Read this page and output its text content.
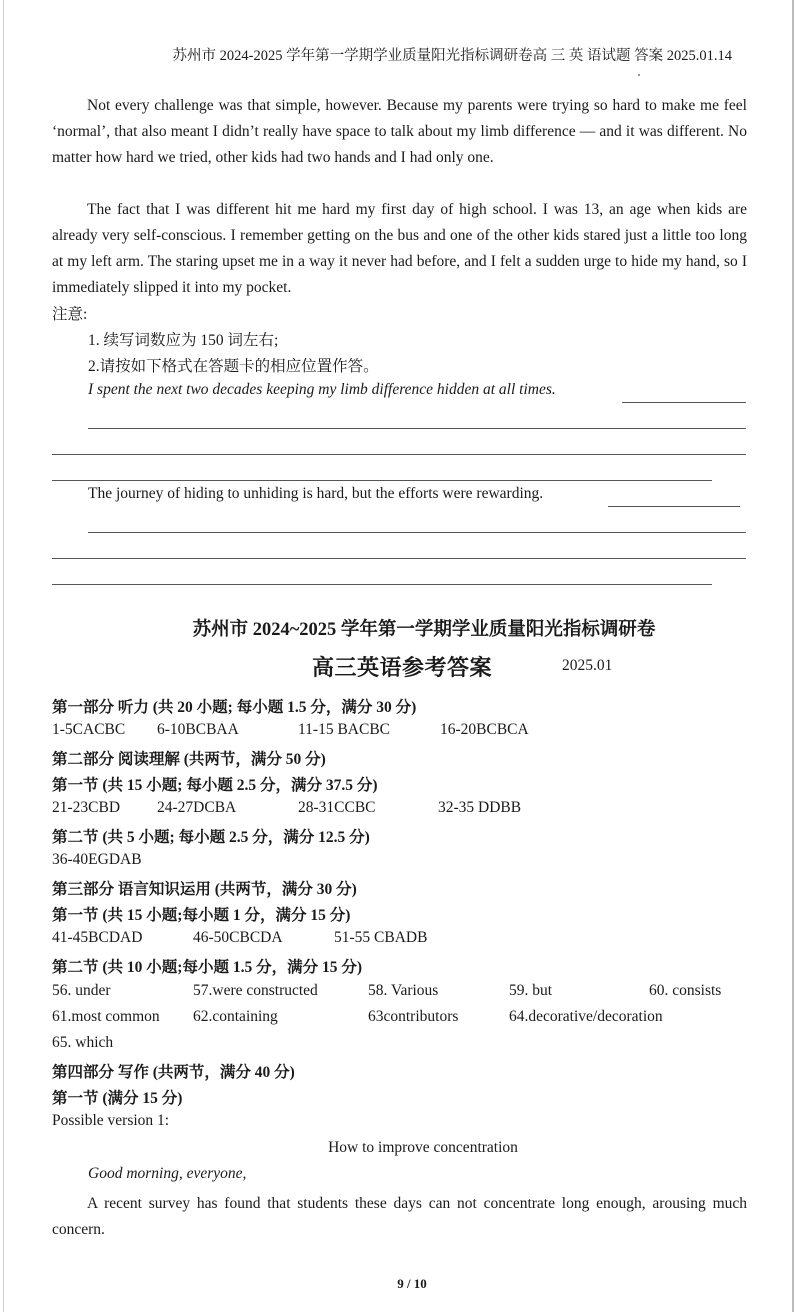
苏州市 2024-2025 学年第一学期学业质量阳光指标调研卷高 三 英 语试题 答案 2025.01.14

Not every challenge was that simple, however. Because my parents were trying so hard to make me feel ‘normal’, that also meant I didn’t really have space to talk about my limb difference — and it was different. No matter how hard we tried, other kids had two hands and I had only one.

The fact that I was different hit me hard my first day of high school. I was 13, an age when kids are already very self-conscious. I remember getting on the bus and one of the other kids stared just a little too long at my left arm. The staring upset me in a way it never had before, and I felt a sudden urge to hide my hand, so I immediately slipped it into my pocket.

注意:
1. 续写词数应为 150 词左右;
2.请按如下格式在答题卡的相应位置作答。
I spent the next two decades keeping my limb difference hidden at all times.
The journey of hiding to unhiding is hard, but the efforts were rewarding.
苏州市 2024~2025 学年第一学期学业质量阳光指标调研卷
高三英语参考答案	2025.01
第一部分 听力 (共 20 小题; 每小题 1.5 分，满分 30 分)
1-5CACBC 6-10BCBAA	11-15 BACBC	16-20BCBCA
第二部分 阅读理解 (共两节，满分 50 分)
第一节 (共 15 小题; 每小题 2.5 分，满分 37.5 分)
21-23CBD 24-27DCBA	28-31CCBC	32-35 DDBB
第二节 (共 5 小题; 每小题 2.5 分，满分 12.5 分)
36-40EGDAB
第三部分 语言知识运用 (共两节，满分 30 分)
第一节 (共 15 小题;每小题 1 分，满分 15 分)
41-45BCDAD	46-50CBCDA	51-55 CBADB
第二节 (共 10 小题;每小题 1.5 分，满分 15 分)
56. under	57.were constructed	58. Various	59. but	60. consists
61.most common 62.containing	63contributors	64.decorative/decoration
65. which
第四部分 写作 (共两节，满分 40 分)
第一节 (满分 15 分)
Possible version 1:
How to improve concentration
Good morning, everyone,

A recent survey has found that students these days can not concentrate long enough, arousing much concern.

9 / 10
